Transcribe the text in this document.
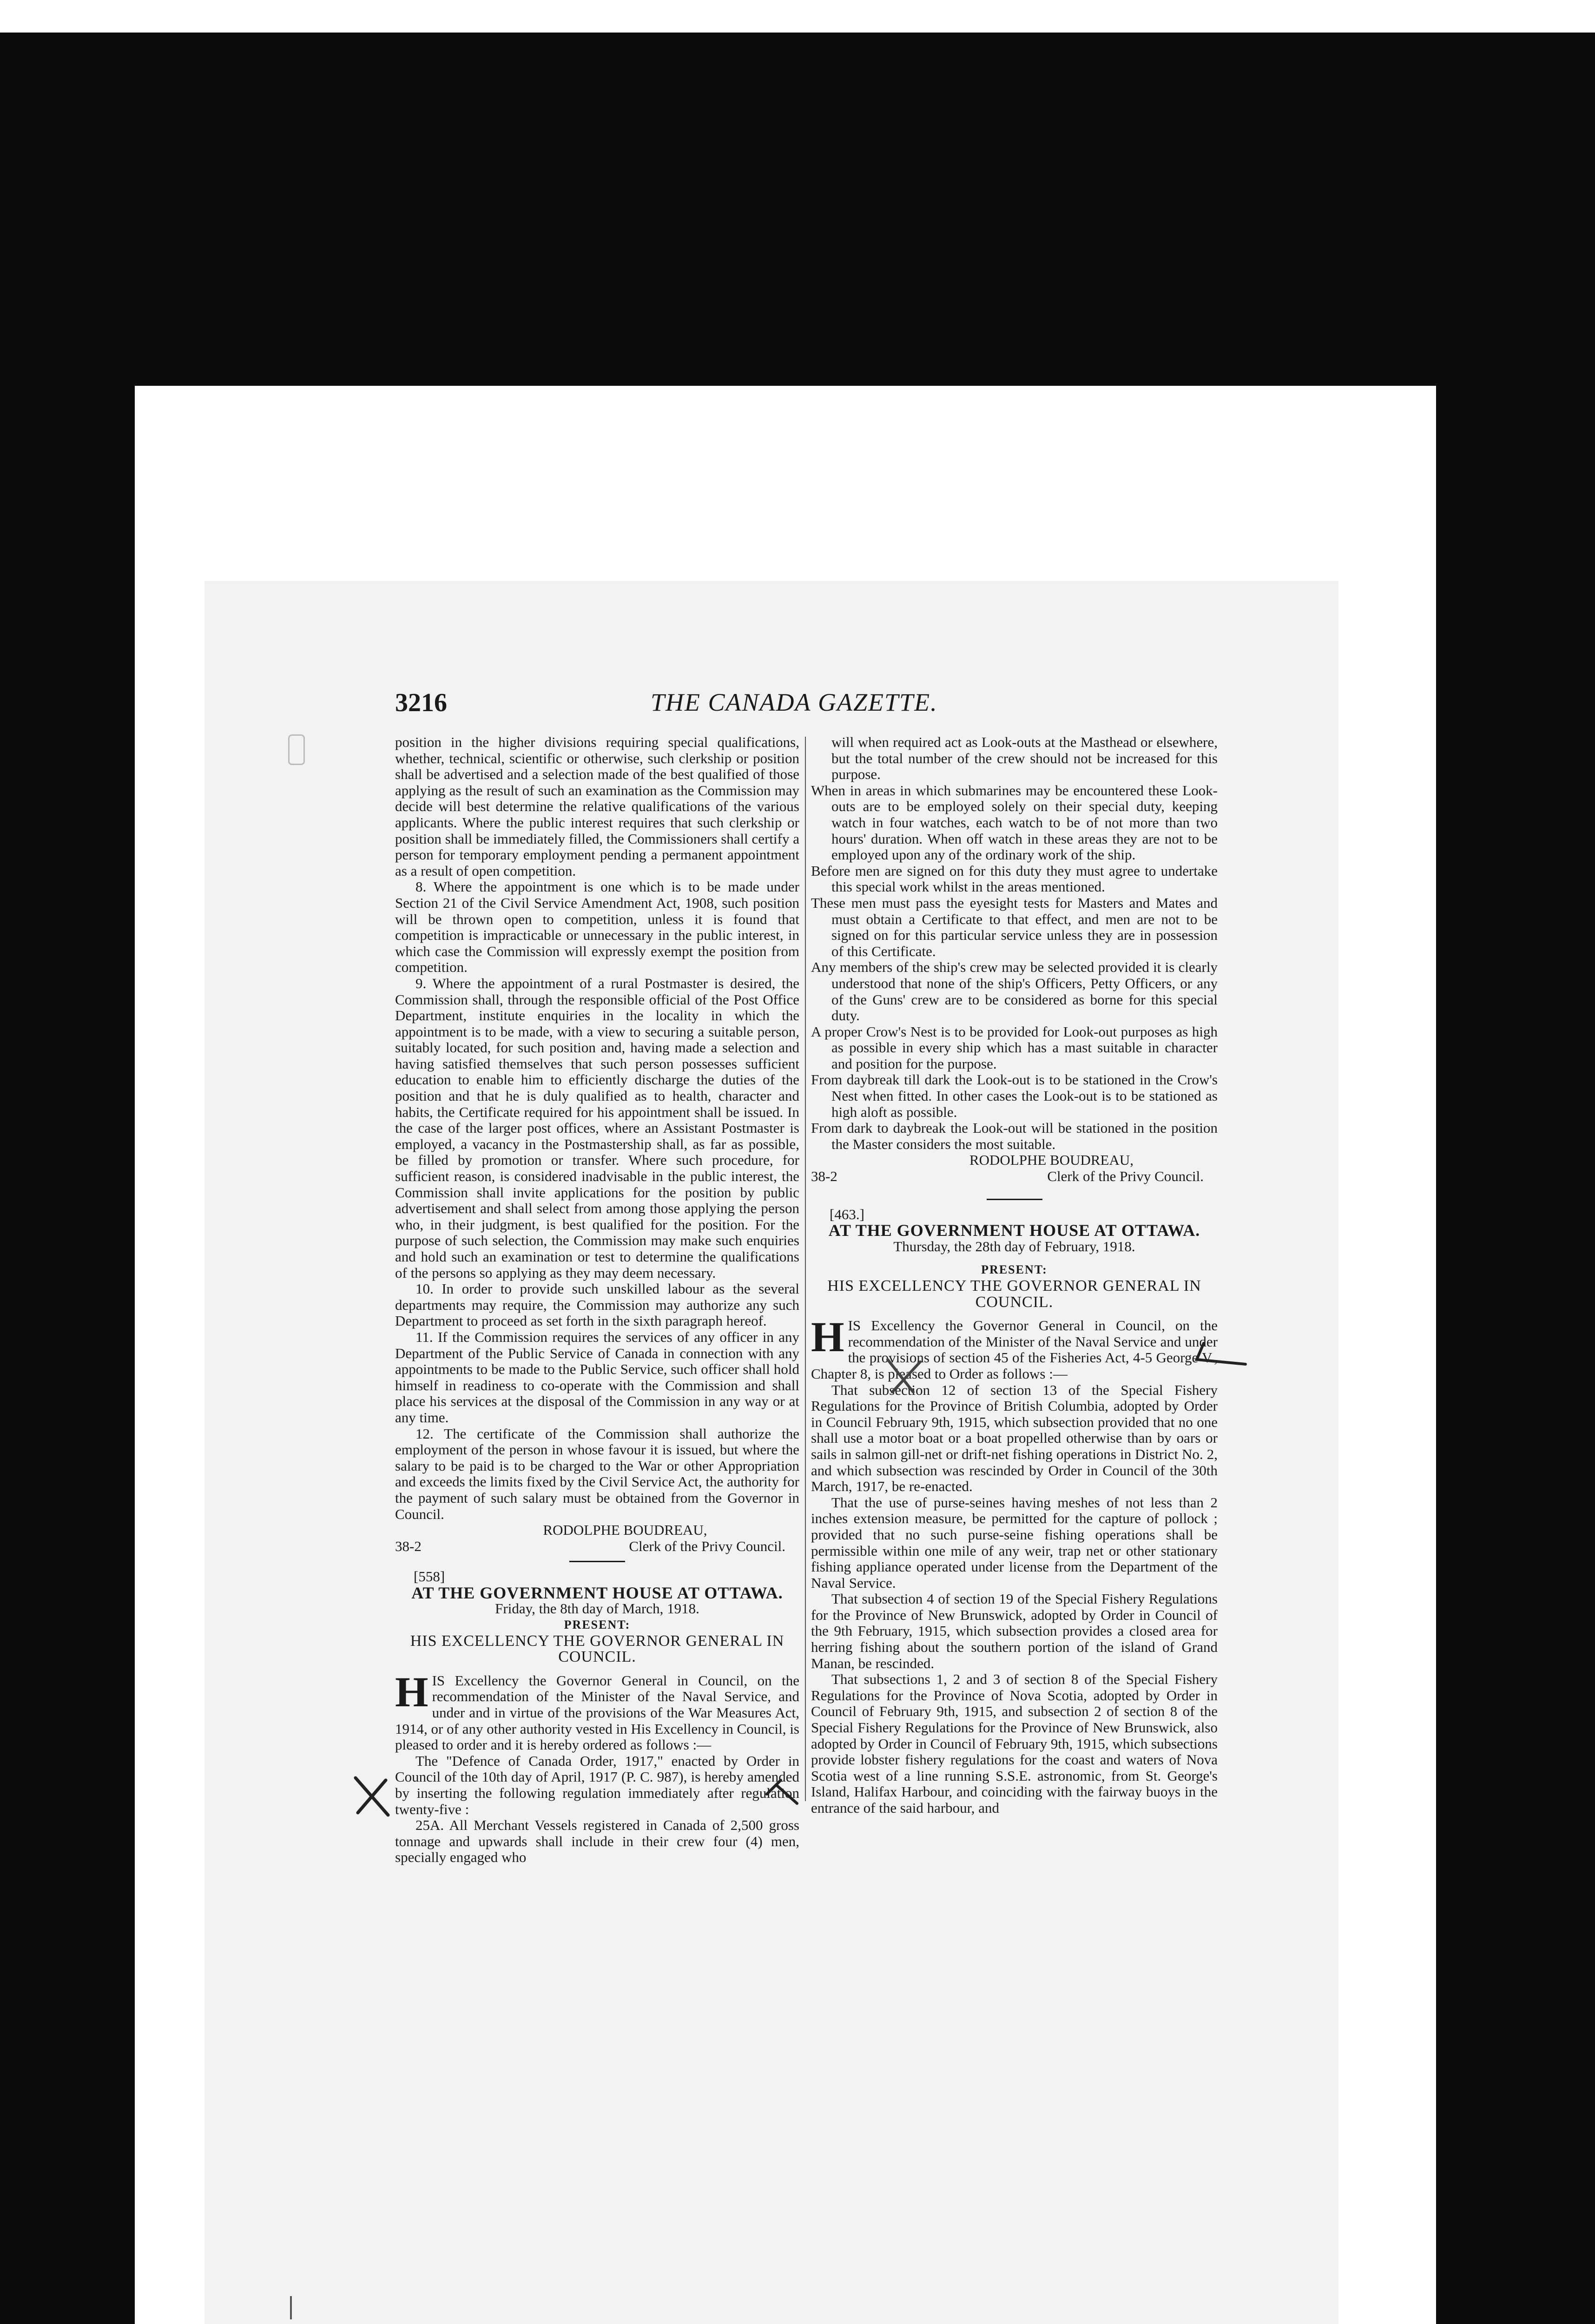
3216	THE CANADA GAZETTE.

position in the higher divisions requiring special qualifications, whether, technical, scientific or otherwise, such clerkship or position shall be advertised and a selection made of the best qualified of those applying as the result of such an examination as the Commission may decide will best determine the relative qualifications of the various applicants. Where the public interest requires that such clerkship or position shall be immediately filled, the Commissioners shall certify a person for temporary employment pending a permanent appointment as a result of open competition.

8. Where the appointment is one which is to be made under Section 21 of the Civil Service Amendment Act, 1908, such position will be thrown open to competition, unless it is found that competition is impracticable or unnecessary in the public interest, in which case the Commission will expressly exempt the position from competition.

9. Where the appointment of a rural Postmaster is desired, the Commission shall, through the responsible official of the Post Office Department, institute enquiries in the locality in which the appointment is to be made, with a view to securing a suitable person, suitably located, for such position and, having made a selection and having satisfied themselves that such person possesses sufficient education to enable him to efficiently discharge the duties of the position and that he is duly qualified as to health, character and habits, the Certificate required for his appointment shall be issued. In the case of the larger post offices, where an Assistant Postmaster is employed, a vacancy in the Postmastership shall, as far as possible, be filled by promotion or transfer. Where such procedure, for sufficient reason, is considered inadvisable in the public interest, the Commission shall invite applications for the position by public advertisement and shall select from among those applying the person who, in their judgment, is best qualified for the position. For the purpose of such selection, the Commission may make such enquiries and hold such an examination or test to determine the qualifications of the persons so applying as they may deem necessary.

10. In order to provide such unskilled labour as the several departments may require, the Commission may authorize any such Department to proceed as set forth in the sixth paragraph hereof.

11. If the Commission requires the services of any officer in any Department of the Public Service of Canada in connection with any appointments to be made to the Public Service, such officer shall hold himself in readiness to co-operate with the Commission and shall place his services at the disposal of the Commission in any way or at any time.

12. The certificate of the Commission shall authorize the employment of the person in whose favour it is issued, but where the salary to be paid is to be charged to the War or other Appropriation and exceeds the limits fixed by the Civil Service Act, the authority for the payment of such salary must be obtained from the Governor in Council.

RODOLPHE BOUDREAU,

38-2	Clerk of the Privy Council.

[558]

AT THE GOVERNMENT HOUSE AT OTTAWA.

Friday, the 8th day of March, 1918.

PRESENT:

HIS EXCELLENCY THE GOVERNOR GENERAL IN COUNCIL.

HIS Excellency the Governor General in Council, on the recommendation of the Minister of the Naval Service, and under and in virtue of the provisions of the War Measures Act, 1914, or of any other authority vested in His Excellency in Council, is pleased to order and it is hereby ordered as follows :—

The "Defence of Canada Order, 1917," enacted by Order in Council of the 10th day of April, 1917 (P. C. 987), is hereby amended by inserting the following regulation immediately after regulation twenty-five :

25A. All Merchant Vessels registered in Canada of 2,500 gross tonnage and upwards shall include in their crew four (4) men, specially engaged who

will when required act as Look-outs at the Masthead or elsewhere, but the total number of the crew should not be increased for this purpose.

When in areas in which submarines may be encountered these Look-outs are to be employed solely on their special duty, keeping watch in four watches, each watch to be of not more than two hours' duration. When off watch in these areas they are not to be employed upon any of the ordinary work of the ship.

Before men are signed on for this duty they must agree to undertake this special work whilst in the areas mentioned.

These men must pass the eyesight tests for Masters and Mates and must obtain a Certificate to that effect, and men are not to be signed on for this particular service unless they are in possession of this Certificate.

Any members of the ship's crew may be selected provided it is clearly understood that none of the ship's Officers, Petty Officers, or any of the Guns' crew are to be considered as borne for this special duty.

A proper Crow's Nest is to be provided for Look-out purposes as high as possible in every ship which has a mast suitable in character and position for the purpose.

From daybreak till dark the Look-out is to be stationed in the Crow's Nest when fitted. In other cases the Look-out is to be stationed as high aloft as possible.

From dark to daybreak the Look-out will be stationed in the position the Master considers the most suitable.

RODOLPHE BOUDREAU,

38-2	Clerk of the Privy Council.

[463.]

AT THE GOVERNMENT HOUSE AT OTTAWA.

Thursday, the 28th day of February, 1918.

PRESENT:

HIS EXCELLENCY THE GOVERNOR GENERAL IN COUNCIL.

HIS Excellency the Governor General in Council, on the recommendation of the Minister of the Naval Service and under the provisions of section 45 of the Fisheries Act, 4-5 George V., Chapter 8, is pleased to Order as follows :—

That subsection 12 of section 13 of the Special Fishery Regulations for the Province of British Columbia, adopted by Order in Council February 9th, 1915, which subsection provided that no one shall use a motor boat or a boat propelled otherwise than by oars or sails in salmon gill-net or drift-net fishing operations in District No. 2, and which subsection was rescinded by Order in Council of the 30th March, 1917, be re-enacted.

That the use of purse-seines having meshes of not less than 2 inches extension measure, be permitted for the capture of pollock ; provided that no such purse-seine fishing operations shall be permissible within one mile of any weir, trap net or other stationary fishing appliance operated under license from the Department of the Naval Service.

That subsection 4 of section 19 of the Special Fishery Regulations for the Province of New Brunswick, adopted by Order in Council of the 9th February, 1915, which subsection provides a closed area for herring fishing about the southern portion of the island of Grand Manan, be rescinded.

That subsections 1, 2 and 3 of section 8 of the Special Fishery Regulations for the Province of Nova Scotia, adopted by Order in Council of February 9th, 1915, and subsection 2 of section 8 of the Special Fishery Regulations for the Province of New Brunswick, also adopted by Order in Council of February 9th, 1915, which subsections provide lobster fishery regulations for the coast and waters of Nova Scotia west of a line running S.S.E. astronomic, from St. George's Island, Halifax Harbour, and coinciding with the fairway buoys in the entrance of the said harbour, and
